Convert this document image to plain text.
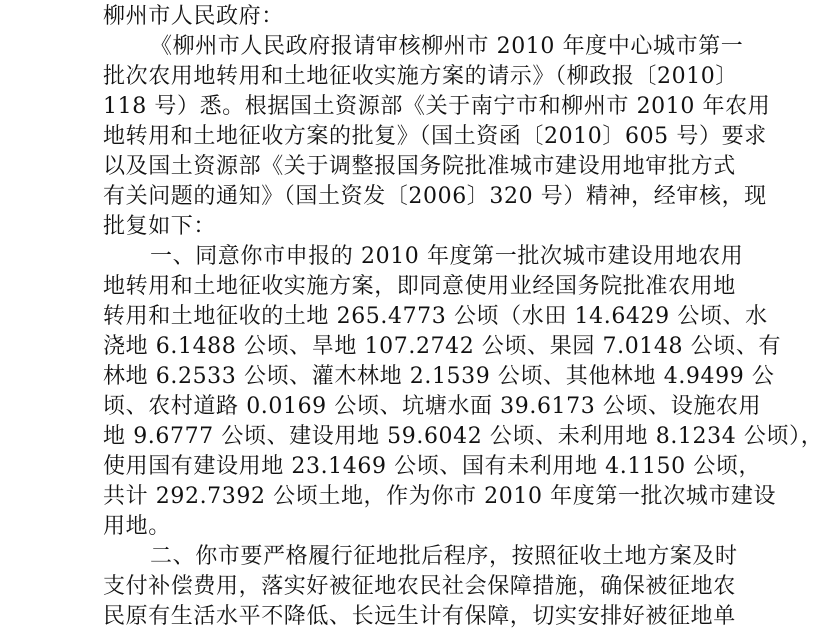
柳州市人民政府：
《柳州市人民政府报请审核柳州市 2010 年度中心城市第一
批次农用地转用和土地征收实施方案的请示》（柳政报〔2010〕
118 号）悉。根据国土资源部《关于南宁市和柳州市 2010 年农用
地转用和土地征收方案的批复》（国土资函〔2010〕605 号）要求
以及国土资源部《关于调整报国务院批准城市建设用地审批方式
有关问题的通知》（国土资发〔2006〕320 号）精神，经审核，现
批复如下：
一、同意你市申报的 2010 年度第一批次城市建设用地农用
地转用和土地征收实施方案，即同意使用业经国务院批准农用地
转用和土地征收的土地 265.4773 公顷（水田 14.6429 公顷、水
浇地 6.1488 公顷、旱地 107.2742 公顷、果园 7.0148 公顷、有
林地 6.2533 公顷、灌木林地 2.1539 公顷、其他林地 4.9499 公
顷、农村道路 0.0169 公顷、坑塘水面 39.6173 公顷、设施农用
地 9.6777 公顷、建设用地 59.6042 公顷、未利用地 8.1234 公顷），
使用国有建设用地 23.1469 公顷、国有未利用地 4.1150 公顷，
共计 292.7392 公顷土地，作为你市 2010 年度第一批次城市建设
用地。
二、你市要严格履行征地批后程序，按照征收土地方案及时
支付补偿费用，落实好被征地农民社会保障措施，确保被征地农
民原有生活水平不降低、长远生计有保障，切实安排好被征地单
